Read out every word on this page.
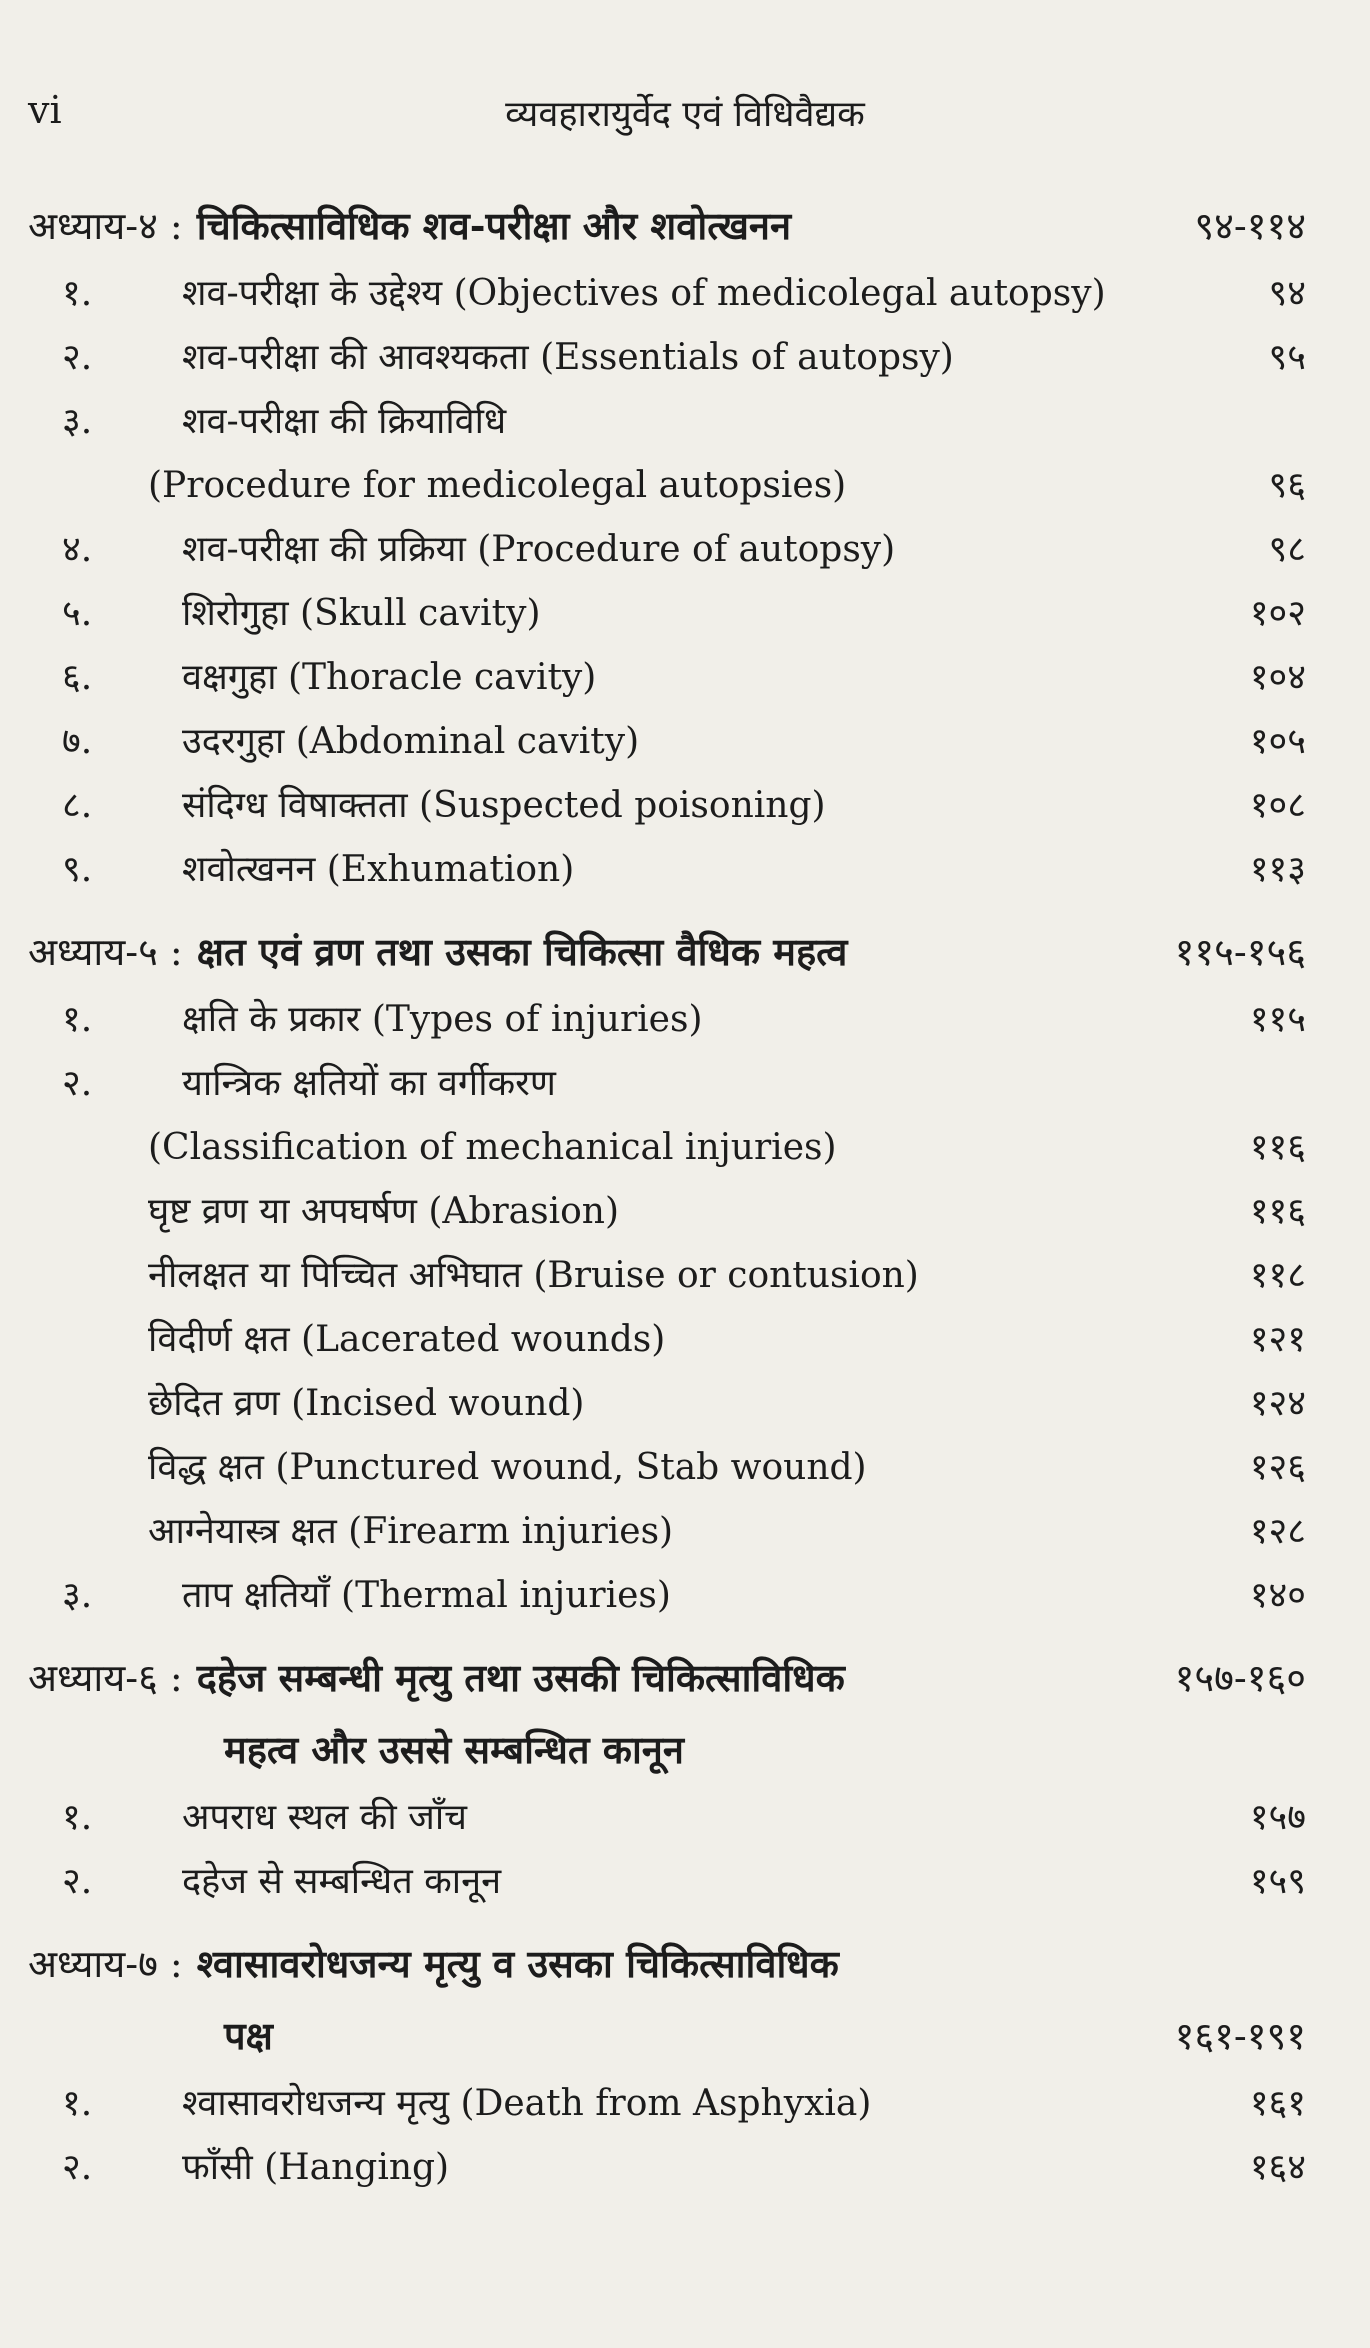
vi	व्यवहारायुर्वेद एवं विधिवैद्यक
अध्याय-४ : चिकित्साविधिक शव-परीक्षा और शवोत्खनन	९४-११४
१.	शव-परीक्षा के उद्देश्य (Objectives of medicolegal autopsy)	९४
२.	शव-परीक्षा की आवश्यकता (Essentials of autopsy)	९५
३.	शव-परीक्षा की क्रियाविधि
(Procedure for medicolegal autopsies)	९६
४.	शव-परीक्षा की प्रक्रिया (Procedure of autopsy)	९८
५.	शिरोगुहा (Skull cavity)	१०२
६.	वक्षगुहा (Thoracle cavity)	१०४
७.	उदरगुहा (Abdominal cavity)	१०५
८.	संदिग्ध विषाक्तता (Suspected poisoning)	१०८
९.	शवोत्खनन (Exhumation)	११३
अध्याय-५ : क्षत एवं व्रण तथा उसका चिकित्सा वैधिक महत्व	११५-१५६
१.	क्षति के प्रकार (Types of injuries)	११५
२.	यान्त्रिक क्षतियों का वर्गीकरण
(Classification of mechanical injuries)	११६
घृष्ट व्रण या अपघर्षण (Abrasion)	११६
नीलक्षत या पिच्चित अभिघात (Bruise or contusion)	११८
विदीर्ण क्षत (Lacerated wounds)	१२१
छेदित व्रण (Incised wound)	१२४
विद्ध क्षत (Punctured wound, Stab wound)	१२६
आग्नेयास्त्र क्षत (Firearm injuries)	१२८
३.	ताप क्षतियाँ (Thermal injuries)	१४०
अध्याय-६ : दहेज सम्बन्धी मृत्यु तथा उसकी चिकित्साविधिक	१५७-१६०
महत्व और उससे सम्बन्धित कानून
१.	अपराध स्थल की जाँच	१५७
२.	दहेज से सम्बन्धित कानून	१५९
अध्याय-७ : श्वासावरोधजन्य मृत्यु व उसका चिकित्साविधिक
पक्ष	१६१-१९१
१.	श्वासावरोधजन्य मृत्यु (Death from Asphyxia)	१६१
२.	फाँसी (Hanging)	१६४
